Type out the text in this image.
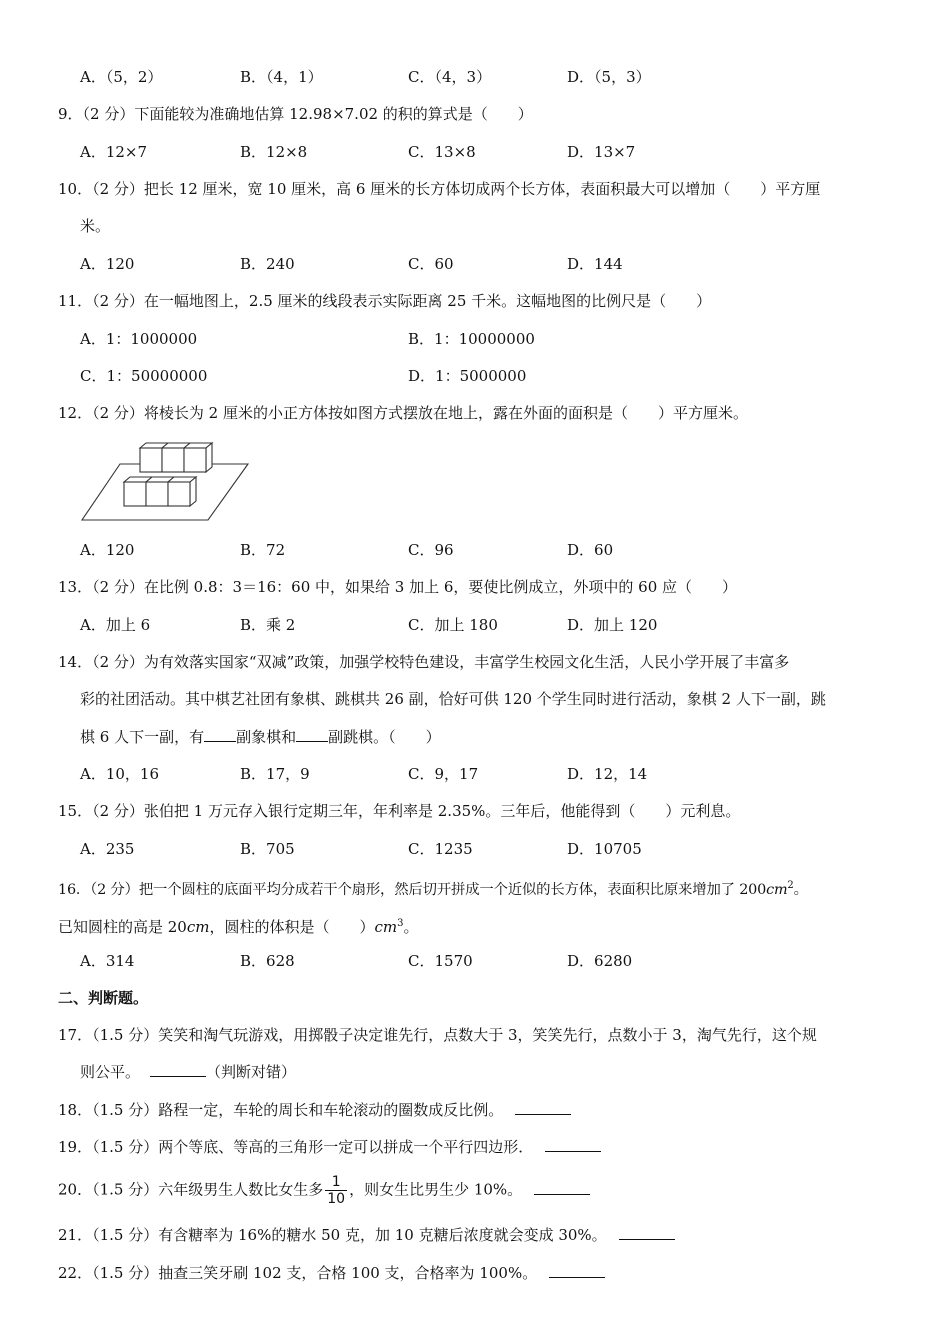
A．（5，2）	B．（4，1）	C．（4，3）	D．（5，3）
9．（2 分）下面能较为准确地估算 12.98×7.02 的积的算式是（　　）
A．12×7	B．12×8	C．13×8	D．13×7
10．（2 分）把长 12 厘米，宽 10 厘米，高 6 厘米的长方体切成两个长方体，表面积最大可以增加（　　）平方厘
米。
A．120	B．240	C．60	D．144
11．（2 分）在一幅地图上，2.5 厘米的线段表示实际距离 25 千米。这幅地图的比例尺是（　　）
A．1：1000000	B．1：10000000
C．1：50000000	D．1：5000000
12．（2 分）将棱长为 2 厘米的小正方体按如图方式摆放在地上，露在外面的面积是（　　）平方厘米。
A．120	B．72	C．96	D．60
13．（2 分）在比例 0.8：3＝16：60 中，如果给 3 加上 6，要使比例成立，外项中的 60 应（　　）
A．加上 6	B．乘 2	C．加上 180	D．加上 120
14．（2 分）为有效落实国家“双减”政策，加强学校特色建设，丰富学生校园文化生活，人民小学开展了丰富多
彩的社团活动。其中棋艺社团有象棋、跳棋共 26 副，恰好可供 120 个学生同时进行活动，象棋 2 人下一副，跳
棋 6 人下一副，有 副象棋和 副跳棋。（　　）
A．10，16	B．17，9	C．9，17	D．12，14
15．（2 分）张伯把 1 万元存入银行定期三年，年利率是 2.35%。三年后，他能得到（　　）元利息。
A．235	B．705	C．1235	D．10705
16．（2 分）把一个圆柱的底面平均分成若干个扇形，然后切开拼成一个近似的长方体，表面积比原来增加了 $200cm^2$。
已知圆柱的高是 20cm，圆柱的体积是（　　）$cm^3$。
A．314	B．628	C．1570	D．6280
二、判断题。
17．（1.5 分）笑笑和淘气玩游戏，用掷骰子决定谁先行，点数大于 3，笑笑先行，点数小于 3，淘气先行，这个规
则公平。	（判断对错）
18．（1.5 分）路程一定，车轮的周长和车轮滚动的圈数成反比例。
19．（1.5 分）两个等底、等高的三角形一定可以拼成一个平行四边形．
20．（1.5 分）六年级男生人数比女生多 $\frac{1}{10}$ ，则女生比男生少 10%。
21．（1.5 分）有含糖率为 16%的糖水 50 克，加 10 克糖后浓度就会变成 30%。
22．（1.5 分）抽查三笑牙刷 102 支，合格 100 支，合格率为 100%。
